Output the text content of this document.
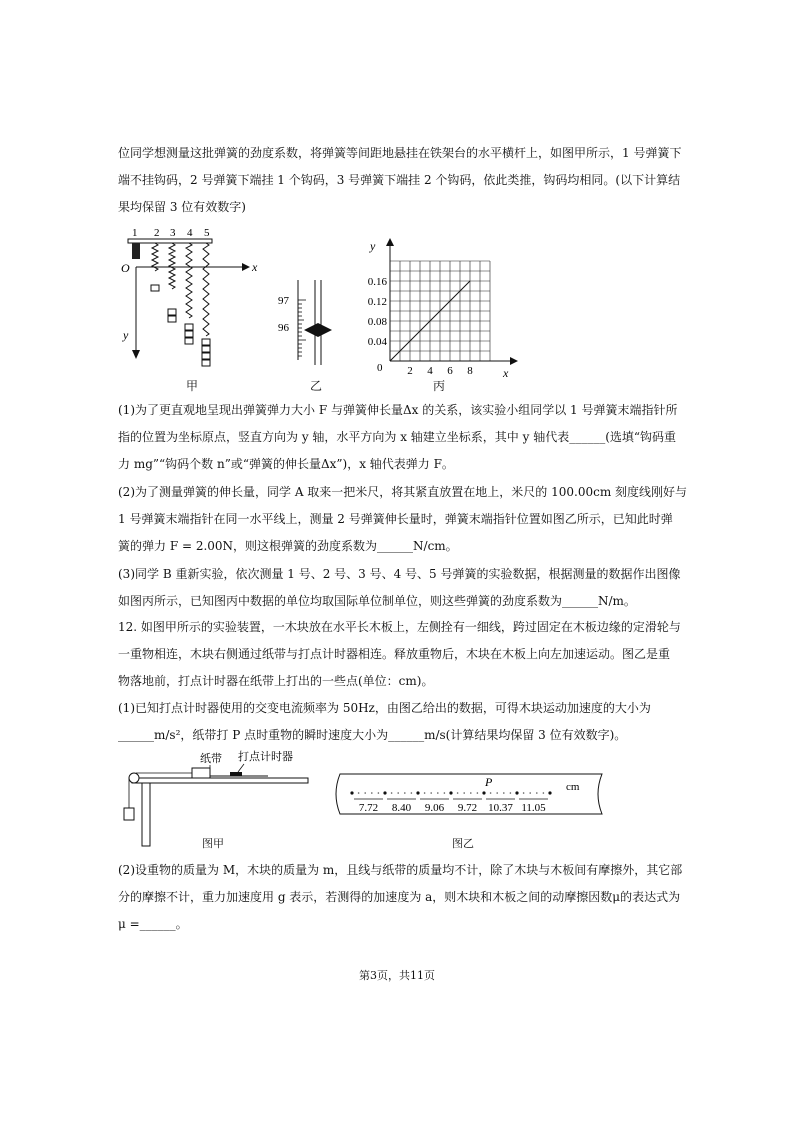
位同学想测量这批弹簧的劲度系数，将弹簧等间距地悬挂在铁架台的水平横杆上，如图甲所示，1 号弹簧下
端不挂钩码，2 号弹簧下端挂 1 个钩码，3 号弹簧下端挂 2 个钩码，依此类推，钩码均相同。(以下计算结
果均保留 3 位有效数字)
1 2 3 4 5
O	x
y
甲
97
96
乙
y
x
0
0.04
0.08
0.12
0.16
2 4 6 8
丙
(1)为了更直观地呈现出弹簧弹力大小 F 与弹簧伸长量Δx 的关系，该实验小组同学以 1 号弹簧末端指针所
指的位置为坐标原点，竖直方向为 y 轴，水平方向为 x 轴建立坐标系，其中 y 轴代表______(选填“钩码重
力 mg”“钩码个数 n”或“弹簧的伸长量Δx”)，x 轴代表弹力 F。
(2)为了测量弹簧的伸长量，同学 A 取来一把米尺，将其紧直放置在地上，米尺的 100.00cm 刻度线刚好与
1 号弹簧末端指针在同一水平线上，测量 2 号弹簧伸长量时，弹簧末端指针位置如图乙所示，已知此时弹
簧的弹力 F = 2.00N，则这根弹簧的劲度系数为______N/cm。
(3)同学 B 重新实验，依次测量 1 号、2 号、3 号、4 号、5 号弹簧的实验数据，根据测量的数据作出图像
如图丙所示，已知图丙中数据的单位均取国际单位制单位，则这些弹簧的劲度系数为______N/m。
12. 如图甲所示的实验装置，一木块放在水平长木板上，左侧拴有一细线，跨过固定在木板边缘的定滑轮与
一重物相连，木块右侧通过纸带与打点计时器相连。释放重物后，木块在木板上向左加速运动。图乙是重
物落地前，打点计时器在纸带上打出的一些点(单位：cm)。
(1)已知打点计时器使用的交变电流频率为 50Hz，由图乙给出的数据，可得木块运动加速度的大小为
______m/s²，纸带打 P 点时重物的瞬时速度大小为______m/s(计算结果均保留 3 位有效数字)。
纸带 打点计时器
图甲
cm
P
7.72 8.40 9.06 9.72 10.37 11.05
图乙
(2)设重物的质量为 M，木块的质量为 m，且线与纸带的质量均不计，除了木块与木板间有摩擦外，其它部
分的摩擦不计，重力加速度用 g 表示，若测得的加速度为 a，则木块和木板之间的动摩擦因数μ的表达式为
μ =______。
第3页，共11页
